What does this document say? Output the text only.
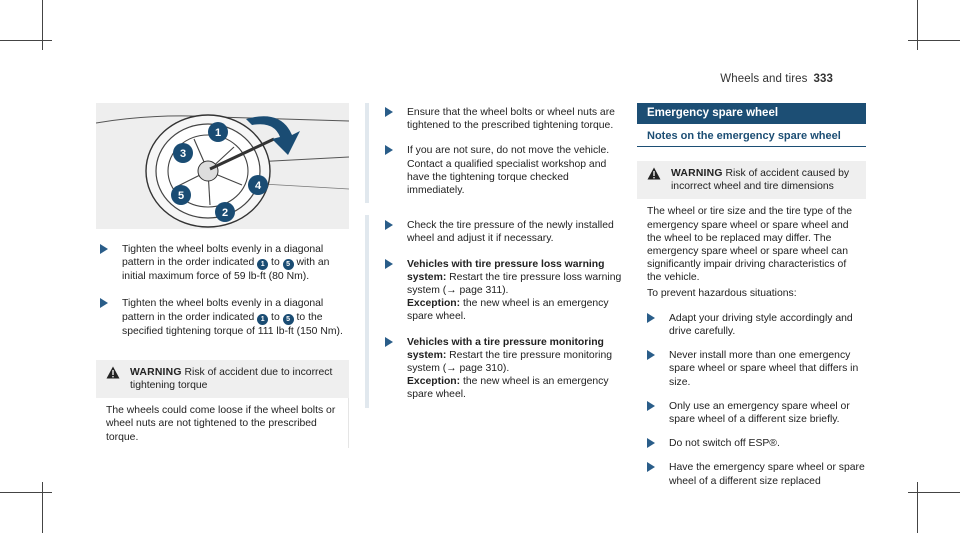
Wheels and tires 333
1
3
4
5
2
Tighten the wheel bolts evenly in a diagonal pattern in the order indicated 1 to 5 with an initial maximum force of 59 lb-ft (80 Nm).
Tighten the wheel bolts evenly in a diagonal pattern in the order indicated 1 to 5 to the specified tightening torque of 111 lb-ft (150 Nm).
WARNING Risk of accident due to incorrect tightening torque
The wheels could come loose if the wheel bolts or wheel nuts are not tightened to the prescribed torque.
Ensure that the wheel bolts or wheel nuts are tightened to the prescribed tightening torque.
If you are not sure, do not move the vehicle. Contact a qualified specialist workshop and have the tightening torque checked immediately.
Check the tire pressure of the newly installed wheel and adjust it if necessary.
Vehicles with tire pressure loss warning system: Restart the tire pressure loss warning system (→ page 311).
Exception: the new wheel is an emergency spare wheel.
Vehicles with a tire pressure monitoring system: Restart the tire pressure monitoring system (→ page 310).
Exception: the new wheel is an emergency spare wheel.
Emergency spare wheel
Notes on the emergency spare wheel
WARNING Risk of accident caused by incorrect wheel and tire dimensions
The wheel or tire size and the tire type of the emergency spare wheel or spare wheel and the wheel to be replaced may differ. The emergency spare wheel or spare wheel can significantly impair driving characteristics of the vehicle.
To prevent hazardous situations:
Adapt your driving style accordingly and drive carefully.
Never install more than one emergency spare wheel or spare wheel that differs in size.
Only use an emergency spare wheel or spare wheel of a different size briefly.
Do not switch off ESP®.
Have the emergency spare wheel or spare wheel of a different size replaced
